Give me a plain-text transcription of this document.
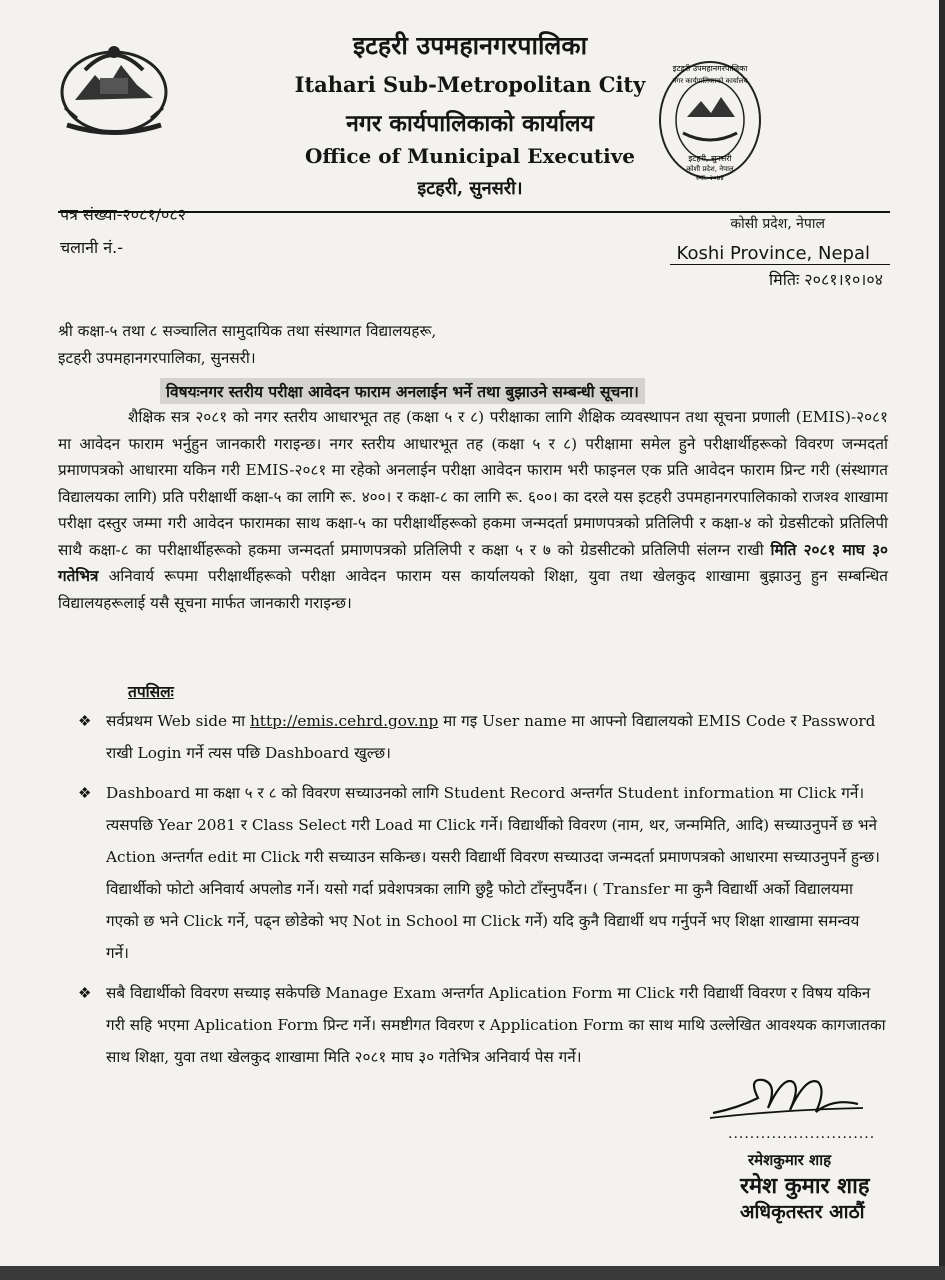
इटहरी उपमहानगरपालिका
Itahari Sub-Metropolitan City
नगर कार्यपालिकाको कार्यालय
Office of Municipal Executive
इटहरी, सुनसरी।
इटहरी उपमहानगरपालिका
नगर कार्यपालिकाको कार्यालय
इटहरी, सुनसरी
कोशी प्रदेश, नेपाल
स्था. २०७४
पत्र संख्या-२०८१/०८२
चलानी नं.-
कोसी प्रदेश, नेपाल
Koshi Province, Nepal
मितिः २०८१।१०।०४
श्री कक्षा-५ तथा ८ सञ्चालित सामुदायिक तथा संस्थागत विद्यालयहरू,
इटहरी उपमहानगरपालिका, सुनसरी।
विषयःनगर स्तरीय परीक्षा आवेदन फाराम अनलाईन भर्ने तथा बुझाउने सम्बन्धी सूचना।
शैक्षिक सत्र २०८१ को नगर स्तरीय आधारभूत तह (कक्षा ५ र ८) परीक्षाका लागि शैक्षिक व्यवस्थापन तथा सूचना प्रणाली (EMIS)-२०८१ मा आवेदन फाराम भर्नुहुन जानकारी गराइन्छ। नगर स्तरीय आधारभूत तह (कक्षा ५ र ८) परीक्षामा समेल हुने परीक्षार्थीहरूको विवरण जन्मदर्ता प्रमाणपत्रको आधारमा यकिन गरी EMIS-२०८१ मा रहेको अनलाईन परीक्षा आवेदन फाराम भरी फाइनल एक प्रति आवेदन फाराम प्रिन्ट गरी (संस्थागत विद्यालयका लागि) प्रति परीक्षार्थी कक्षा-५ का लागि रू. ४००। र कक्षा-८ का लागि रू. ६००। का दरले यस इटहरी उपमहानगरपालिकाको राजश्व शाखामा परीक्षा दस्तुर जम्मा गरी आवेदन फारामका साथ कक्षा-५ का परीक्षार्थीहरूको हकमा जन्मदर्ता प्रमाणपत्रको प्रतिलिपी र कक्षा-४ को ग्रेडसीटको प्रतिलिपी साथै कक्षा-८ का परीक्षार्थीहरूको हकमा जन्मदर्ता प्रमाणपत्रको प्रतिलिपी र कक्षा ५ र ७ को ग्रेडसीटको प्रतिलिपी संलग्न राखी मिति २०८१ माघ ३० गतेभित्र अनिवार्य रूपमा परीक्षार्थीहरूको परीक्षा आवेदन फाराम यस कार्यालयको शिक्षा, युवा तथा खेलकुद शाखामा बुझाउनु हुन सम्बन्धित विद्यालयहरूलाई यसै सूचना मार्फत जानकारी गराइन्छ।
तपसिलः
❖ सर्वप्रथम Web side मा http://emis.cehrd.gov.np मा गइ User name मा आफ्नो विद्यालयको EMIS Code र Password राखी Login गर्ने त्यस पछि Dashboard खुल्छ।
❖ Dashboard मा कक्षा ५ र ८ को विवरण सच्याउनको लागि Student Record अन्तर्गत Student information मा Click गर्ने। त्यसपछि Year 2081 र Class Select गरी Load मा Click गर्ने। विद्यार्थीको विवरण (नाम, थर, जन्ममिति, आदि) सच्याउनुपर्ने छ भने Action अन्तर्गत edit मा Click गरी सच्याउन सकिन्छ। यसरी विद्यार्थी विवरण सच्याउदा जन्मदर्ता प्रमाणपत्रको आधारमा सच्याउनुपर्ने हुन्छ। विद्यार्थीको फोटो अनिवार्य अपलोड गर्ने। यसो गर्दा प्रवेशपत्रका लागि छुट्टै फोटो टाँस्नुपर्दैन। ( Transfer मा कुनै विद्यार्थी अर्को विद्यालयमा गएको छ भने Click गर्ने, पढ्न छोडेको भए Not in School मा Click गर्ने) यदि कुनै विद्यार्थी थप गर्नुपर्ने भए शिक्षा शाखामा समन्वय गर्ने।
❖ सबै विद्यार्थीको विवरण सच्याइ सकेपछि Manage Exam अन्तर्गत Aplication Form मा Click गरी विद्यार्थी विवरण र विषय यकिन गरी सहि भएमा Aplication Form प्रिन्ट गर्ने। समष्टीगत विवरण र Application Form का साथ माथि उल्लेखित आवश्यक कागजातका साथ शिक्षा, युवा तथा खेलकुद शाखामा मिति २०८१ माघ ३० गतेभित्र अनिवार्य पेस गर्ने।
...........................
रमेशकुमार शाह
रमेश कुमार शाह
अधिकृतस्तर आठौं
